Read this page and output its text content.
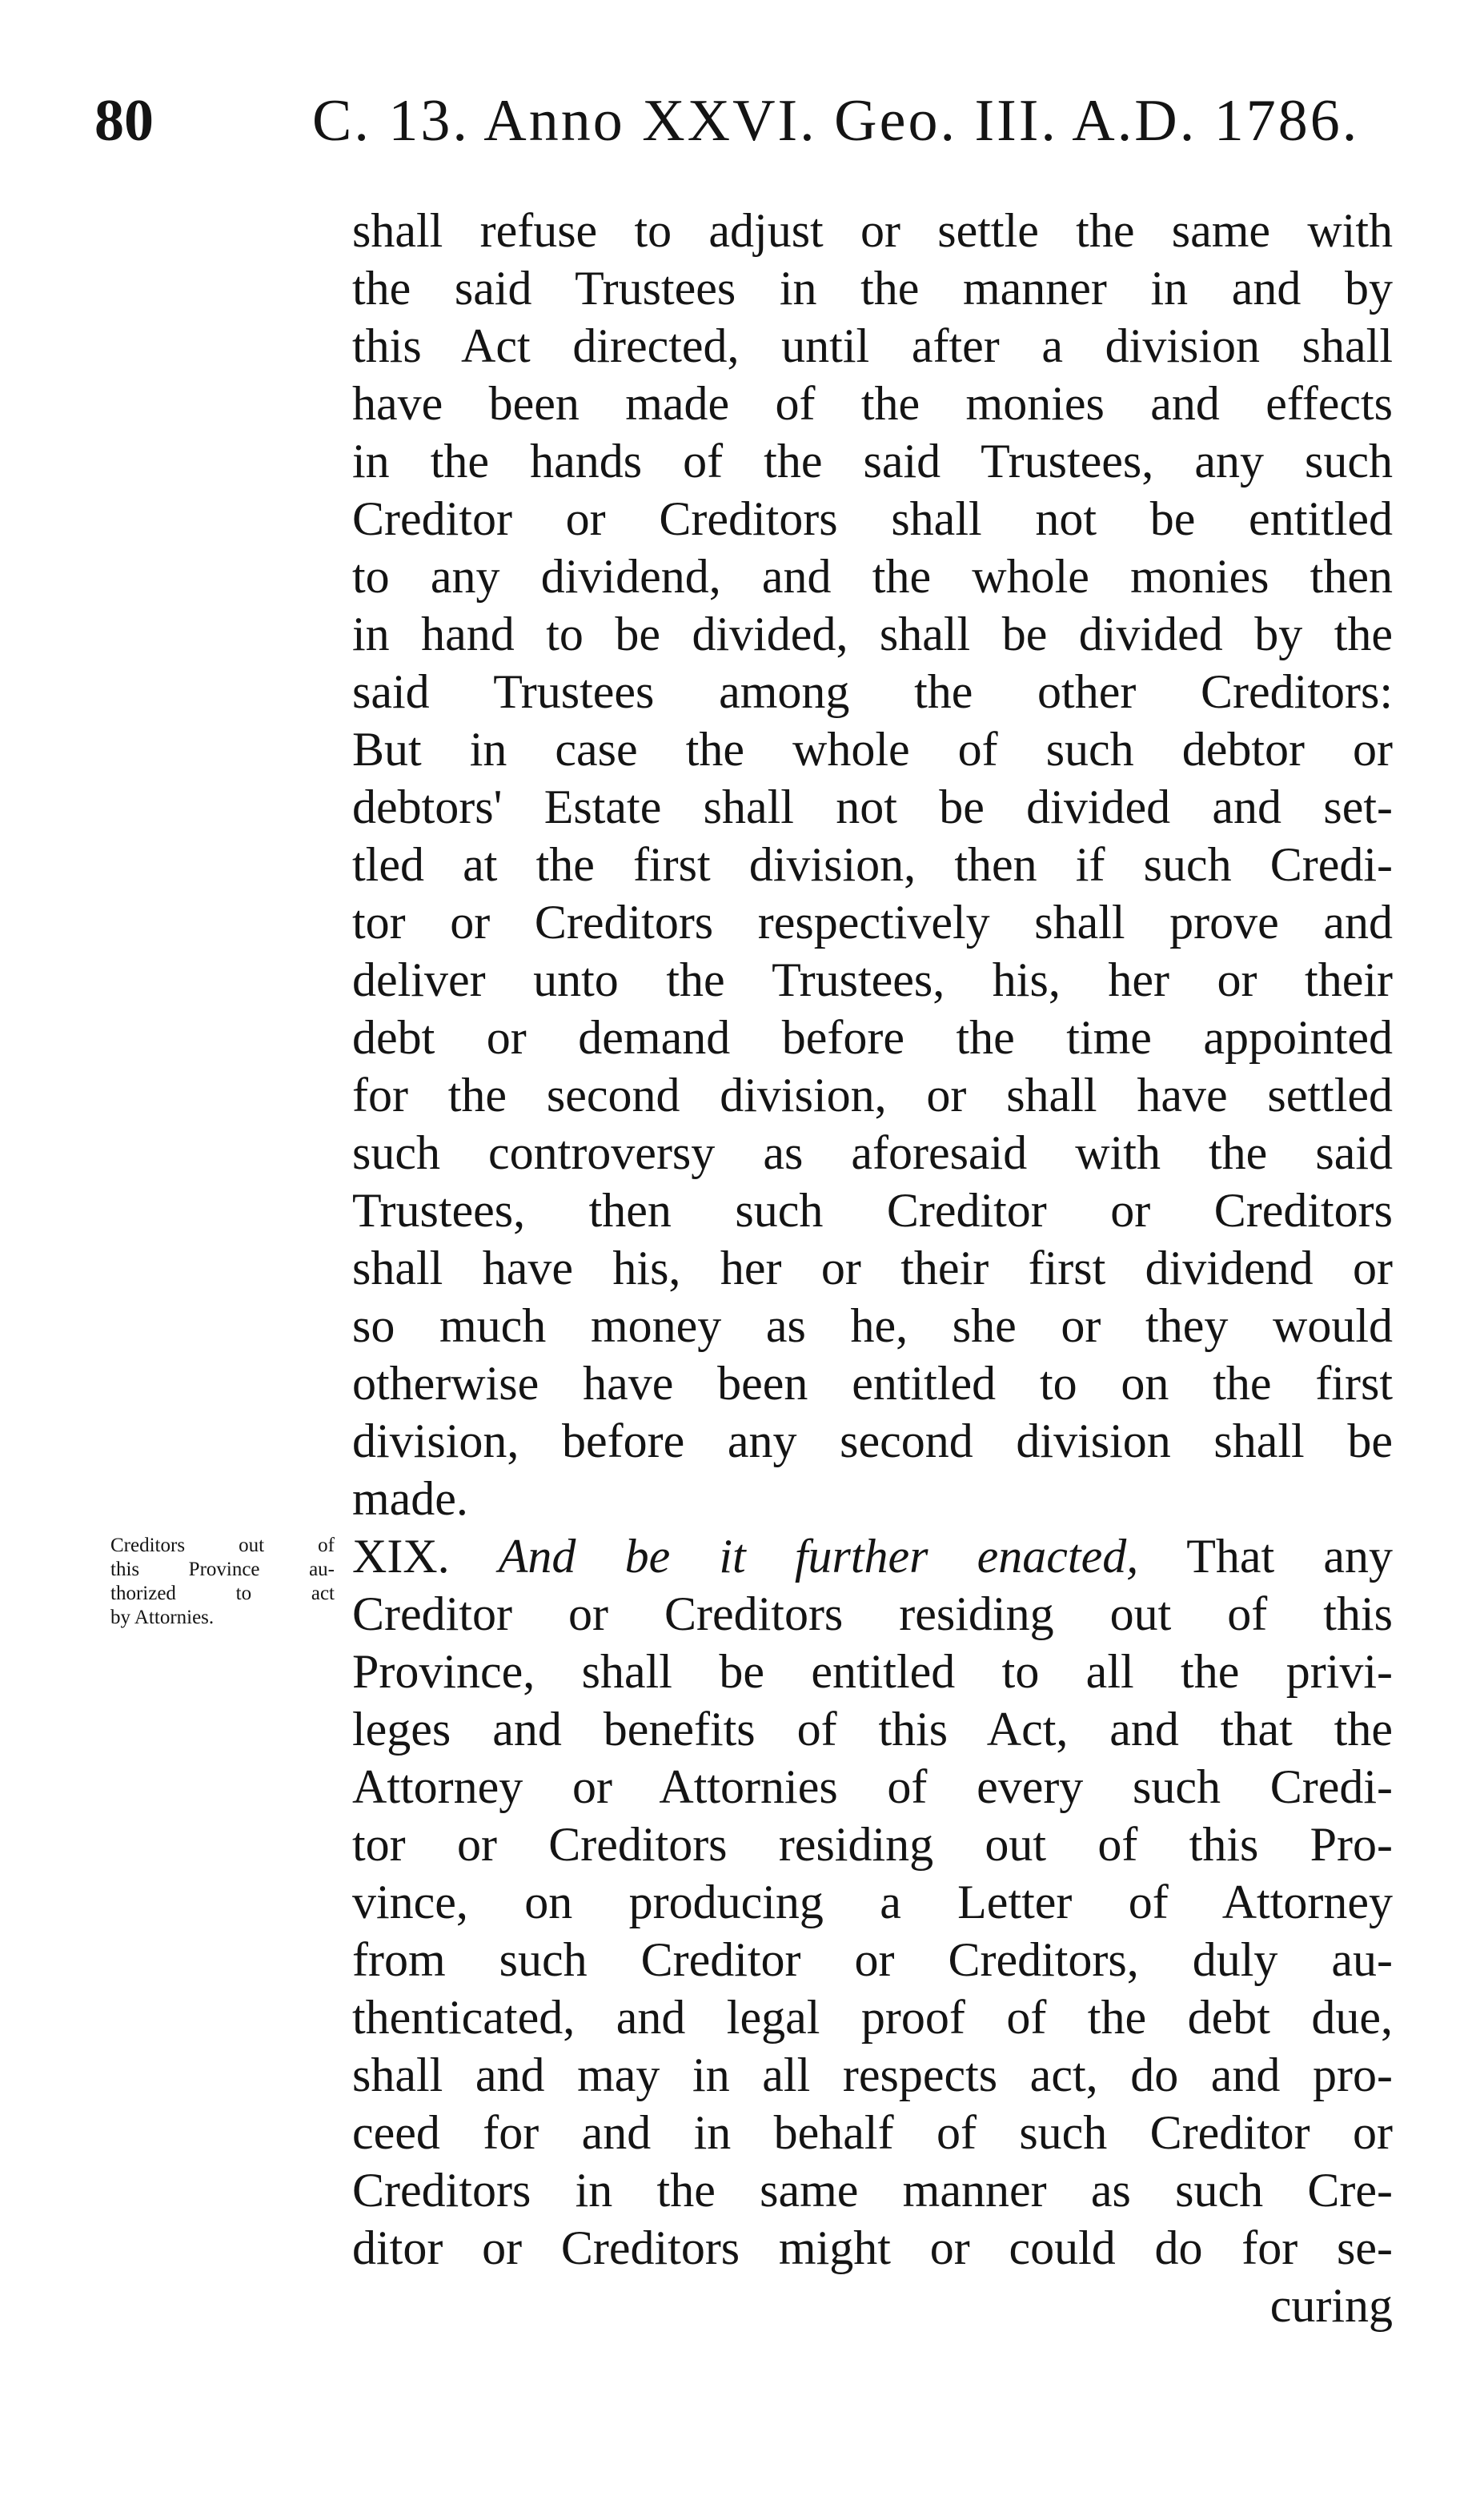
80	C. 13. Anno XXVI. Geo. III. A.D. 1786.
Creditors out of
this Province au-
thorized to act
by Attornies.
shall refuse to adjust or settle the same with
the said Trustees in the manner in and by
this Act directed, until after a division shall
have been made of the monies and effects
in the hands of the said Trustees, any such
Creditor or Creditors shall not be entitled
to any dividend, and the whole monies then
in hand to be divided, shall be divided by the
said Trustees among the other Creditors:
But in case the whole of such debtor or
debtors' Estate shall not be divided and set-
tled at the first division, then if such Credi-
tor or Creditors respectively shall prove and
deliver unto the Trustees, his, her or their
debt or demand before the time appointed
for the second division, or shall have settled
such controversy as aforesaid with the said
Trustees, then such Creditor or Creditors
shall have his, her or their first dividend or
so much money as he, she or they would
otherwise have been entitled to on the first
division, before any second division shall be
made.
XIX. And be it further enacted, That any
Creditor or Creditors residing out of this
Province, shall be entitled to all the privi-
leges and benefits of this Act, and that the
Attorney or Attornies of every such Credi-
tor or Creditors residing out of this Pro-
vince, on producing a Letter of Attorney
from such Creditor or Creditors, duly au-
thenticated, and legal proof of the debt due,
shall and may in all respects act, do and pro-
ceed for and in behalf of such Creditor or
Creditors in the same manner as such Cre-
ditor or Creditors might or could do for se-
curing
